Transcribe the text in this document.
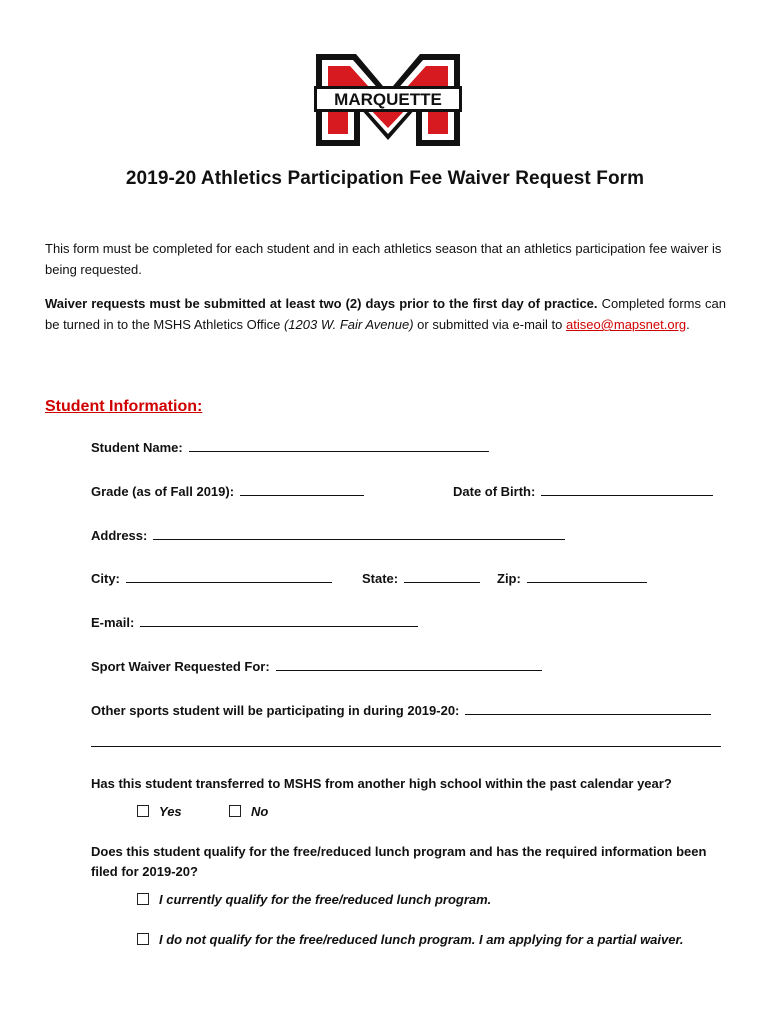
MARQUETTE
2019-20 Athletics Participation Fee Waiver Request Form
This form must be completed for each student and in each athletics season that an athletics participation fee waiver is being requested.
Waiver requests must be submitted at least two (2) days prior to the first day of practice. Completed forms can be turned in to the MSHS Athletics Office (1203 W. Fair Avenue) or submitted via e-mail to atiseo@mapsnet.org.
Student Information:
Student Name:
Grade (as of Fall 2019):	Date of Birth:
Address:
City:	State:	Zip:
E-mail:
Sport Waiver Requested For:
Other sports student will be participating in during 2019-20:
Has this student transferred to MSHS from another high school within the past calendar year?
Yes	No
Does this student qualify for the free/reduced lunch program and has the required information been filed for 2019-20?
I currently qualify for the free/reduced lunch program.
I do not qualify for the free/reduced lunch program. I am applying for a partial waiver.
